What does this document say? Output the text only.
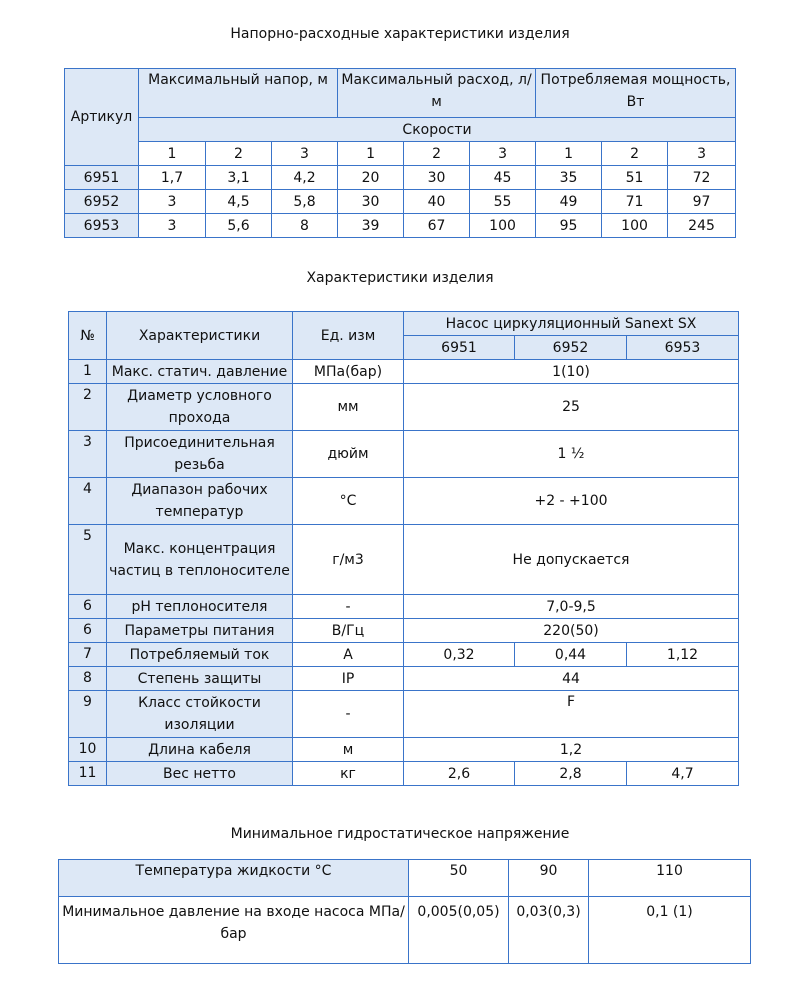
Напорно-расходные характеристики изделия
Артикул	Максимальный напор, м			Максимальный расход, л/м			Потребляемая мощность, Вт		
	Скорости								
	1	2	3	1	2	3	1	2	3
6951	1,7	3,1	4,2	20	30	45	35	51	72
6952	3	4,5	5,8	30	40	55	49	71	97
6953	3	5,6	8	39	67	100	95	100	245
Характеристики изделия
№	Характеристики	Ед. изм	Насос циркуляционный Sanext SX		
			6951	6952	6953
1	Макс. статич. давление	МПа(бар)	1(10)		
2	Диаметр условного прохода	мм	25		
3	Присоединительная резьба	дюйм	1 ½		
4	Диапазон рабочих температур	°С	+2 - +100		
5	Макс. концентрация частиц в теплоносителе	г/м3	Не допускается		
6	pH теплоносителя	-	7,0-9,5		
6	Параметры питания	В/Гц	220(50)		
7	Потребляемый ток	А	0,32	0,44	1,12
8	Степень защиты	IP	44		
9	Класс стойкости изоляции	-	F		
10	Длина кабеля	м	1,2		
11	Вес нетто	кг	2,6	2,8	4,7
Минимальное гидростатическое напряжение
Температура жидкости °С	50	90	110
Минимальное давление на входе насоса МПа/бар	0,005(0,05)	0,03(0,3)	0,1 (1)
